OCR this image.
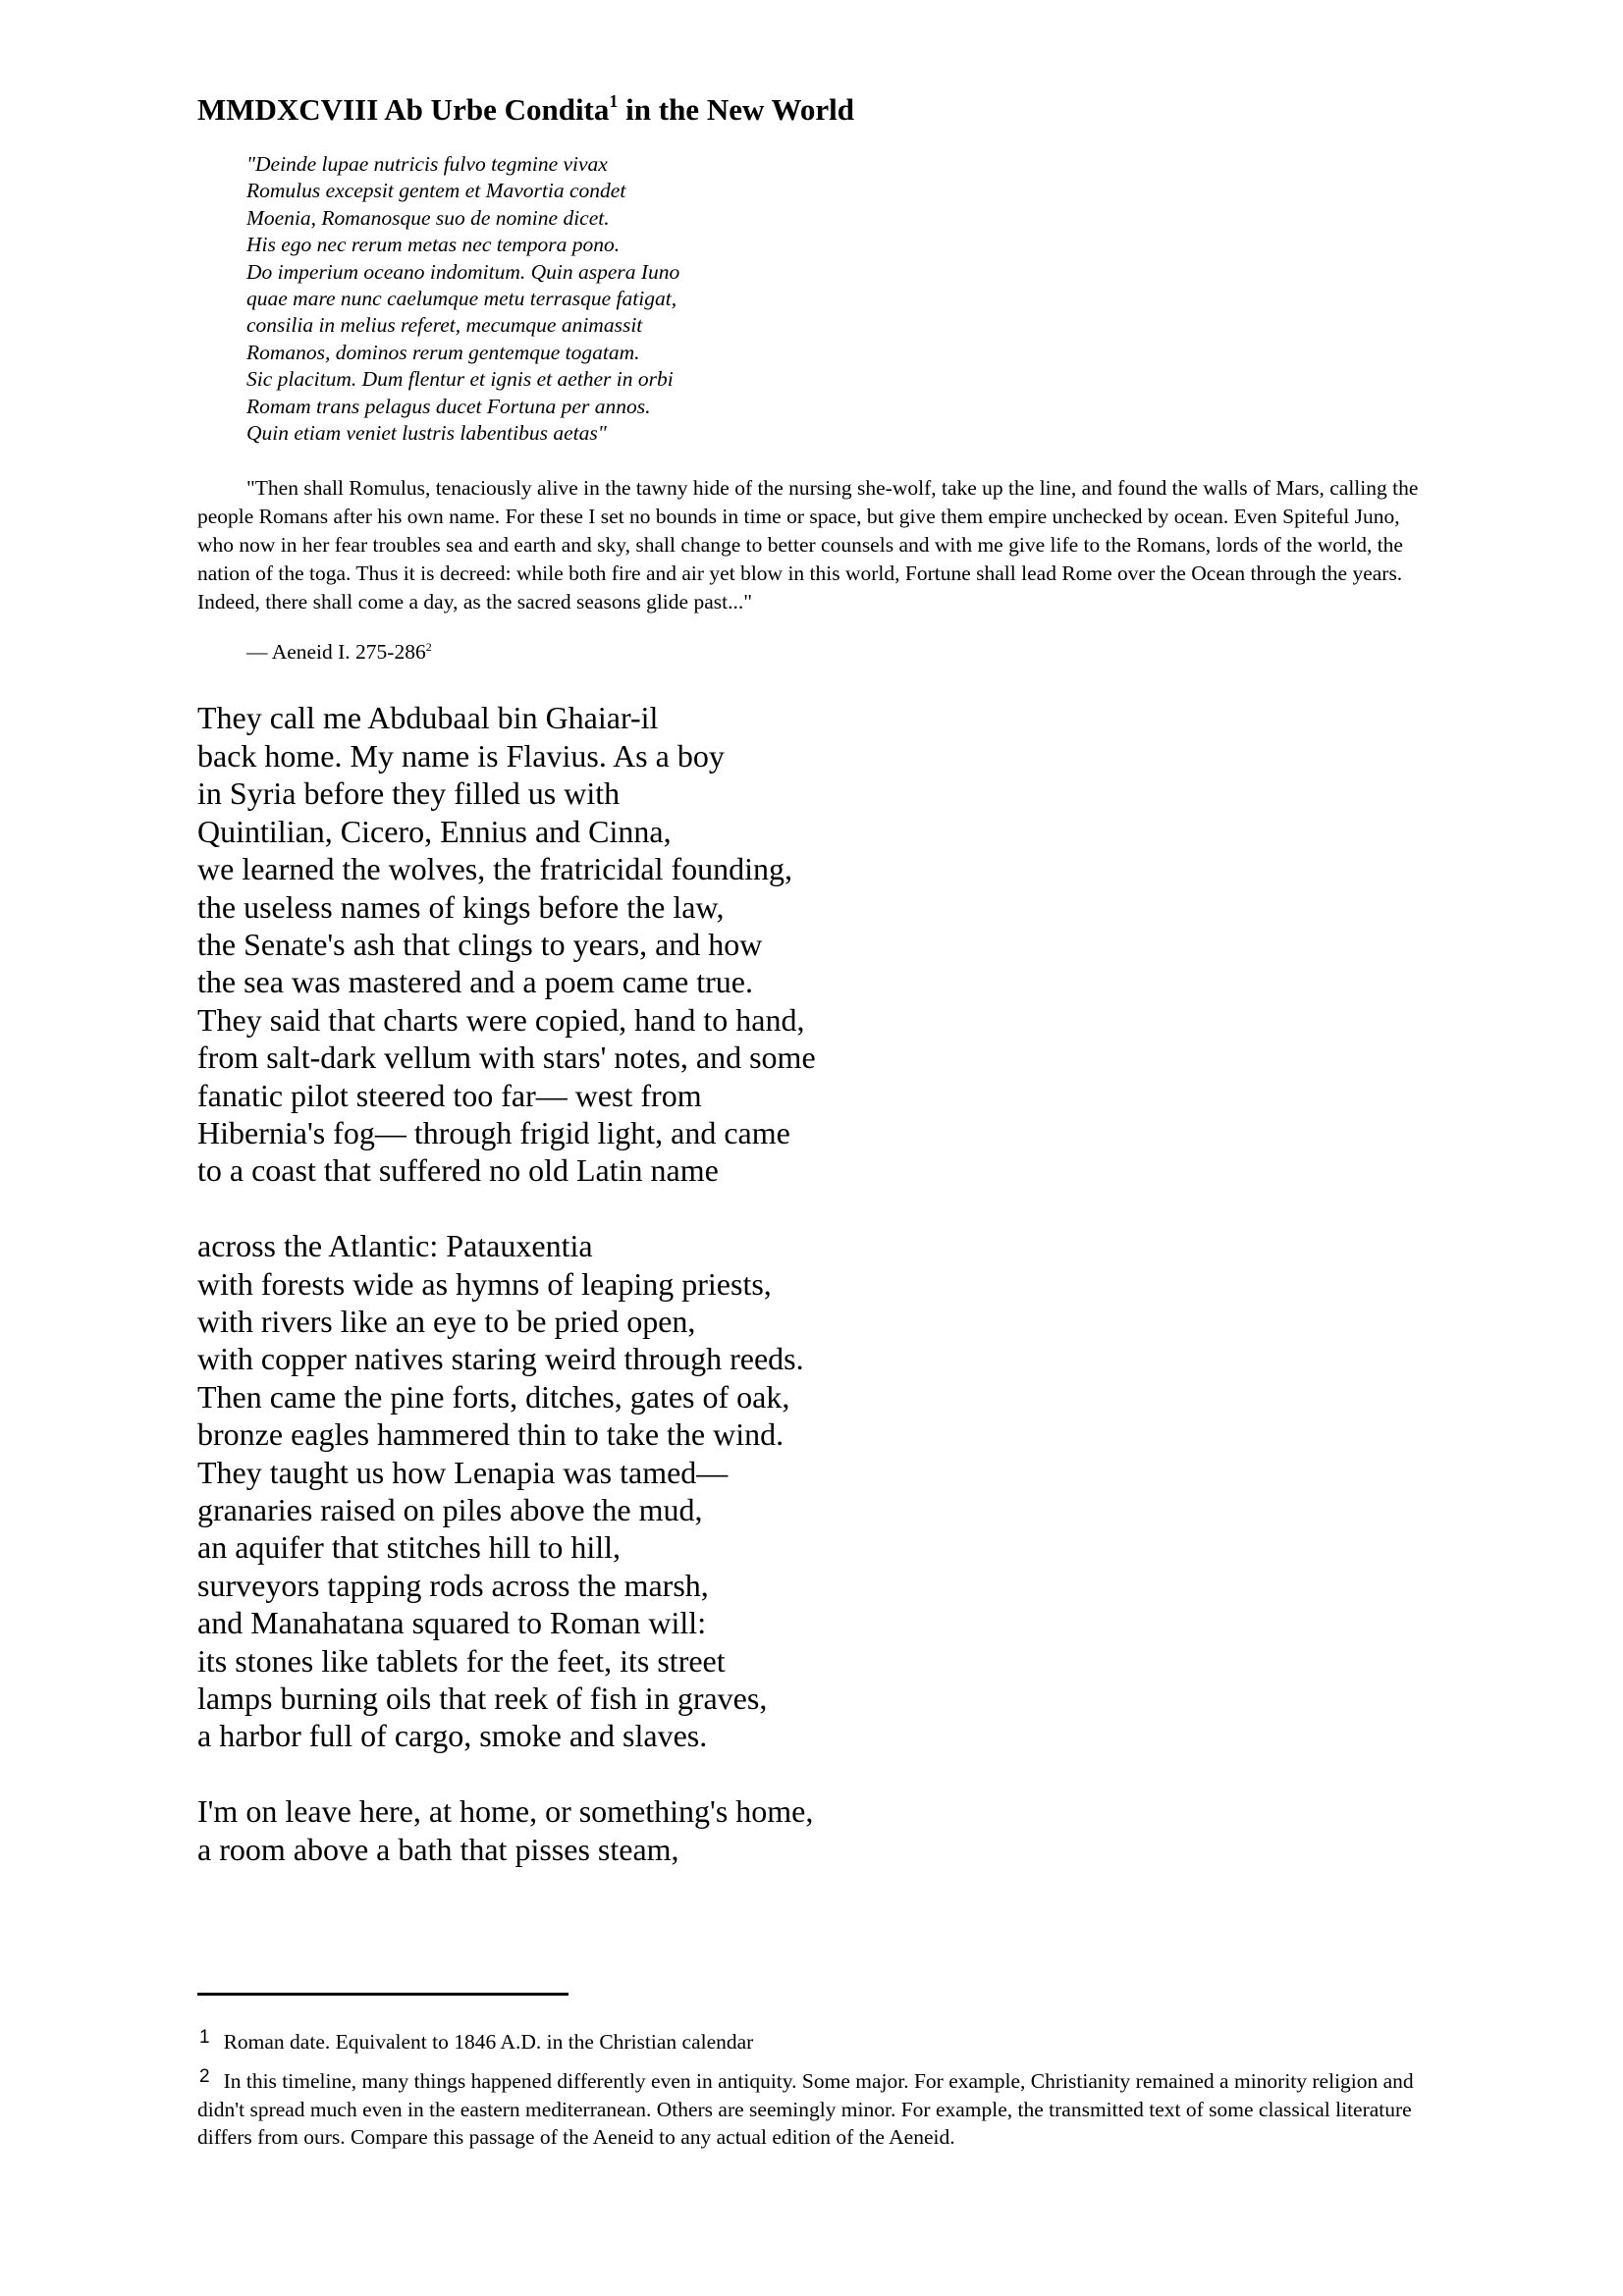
MMDXCVIII Ab Urbe Condita$^1$ in the New World
"Deinde lupae nutricis fulvo tegmine vivax
Romulus excepsit gentem et Mavortia condet
Moenia, Romanosque suo de nomine dicet.
His ego nec rerum metas nec tempora pono.
Do imperium oceano indomitum. Quin aspera Iuno
quae mare nunc caelumque metu terrasque fatigat,
consilia in melius referet, mecumque animassit
Romanos, dominos rerum gentemque togatam.
Sic placitum. Dum flentur et ignis et aether in orbi
Romam trans pelagus ducet Fortuna per annos.
Quin etiam veniet lustris labentibus aetas"

"Then shall Romulus, tenaciously alive in the tawny hide of the nursing she-wolf, take up the line, and found the walls of Mars, calling the people Romans after his own name. For these I set no bounds in time or space, but give them empire unchecked by ocean. Even Spiteful Juno, who now in her fear troubles sea and earth and sky, shall change to better counsels and with me give life to the Romans, lords of the world, the nation of the toga. Thus it is decreed: while both fire and air yet blow in this world, Fortune shall lead Rome over the Ocean through the years. Indeed, there shall come a day, as the sacred seasons glide past..."

— Aeneid I. $275-286^2$

They call me Abdubaal bin Ghaiar-il
back home. My name is Flavius. As a boy
in Syria before they filled us with
Quintilian, Cicero, Ennius and Cinna,
we learned the wolves, the fratricidal founding,
the useless names of kings before the law,
the Senate's ash that clings to years, and how
the sea was mastered and a poem came true.
They said that charts were copied, hand to hand,
from salt-dark vellum with stars' notes, and some
fanatic pilot steered too far— west from
Hibernia's fog— through frigid light, and came
to a coast that suffered no old Latin name
across the Atlantic: Patauxentia
with forests wide as hymns of leaping priests,
with rivers like an eye to be pried open,
with copper natives staring weird through reeds.
Then came the pine forts, ditches, gates of oak,
bronze eagles hammered thin to take the wind.
They taught us how Lenapia was tamed—
granaries raised on piles above the mud,
an aquifer that stitches hill to hill,
surveyors tapping rods across the marsh,
and Manahatana squared to Roman will:
its stones like tablets for the feet, its street
lamps burning oils that reek of fish in graves,
a harbor full of cargo, smoke and slaves.
I'm on leave here, at home, or something's home,
a room above a bath that pisses steam,
1 Roman date. Equivalent to 1846 A.D. in the Christian calendar
2 In this timeline, many things happened differently even in antiquity. Some major. For example, Christianity remained a minority religion and didn't spread much even in the eastern mediterranean. Others are seemingly minor. For example, the transmitted text of some classical literature differs from ours. Compare this passage of the Aeneid to any actual edition of the Aeneid.
